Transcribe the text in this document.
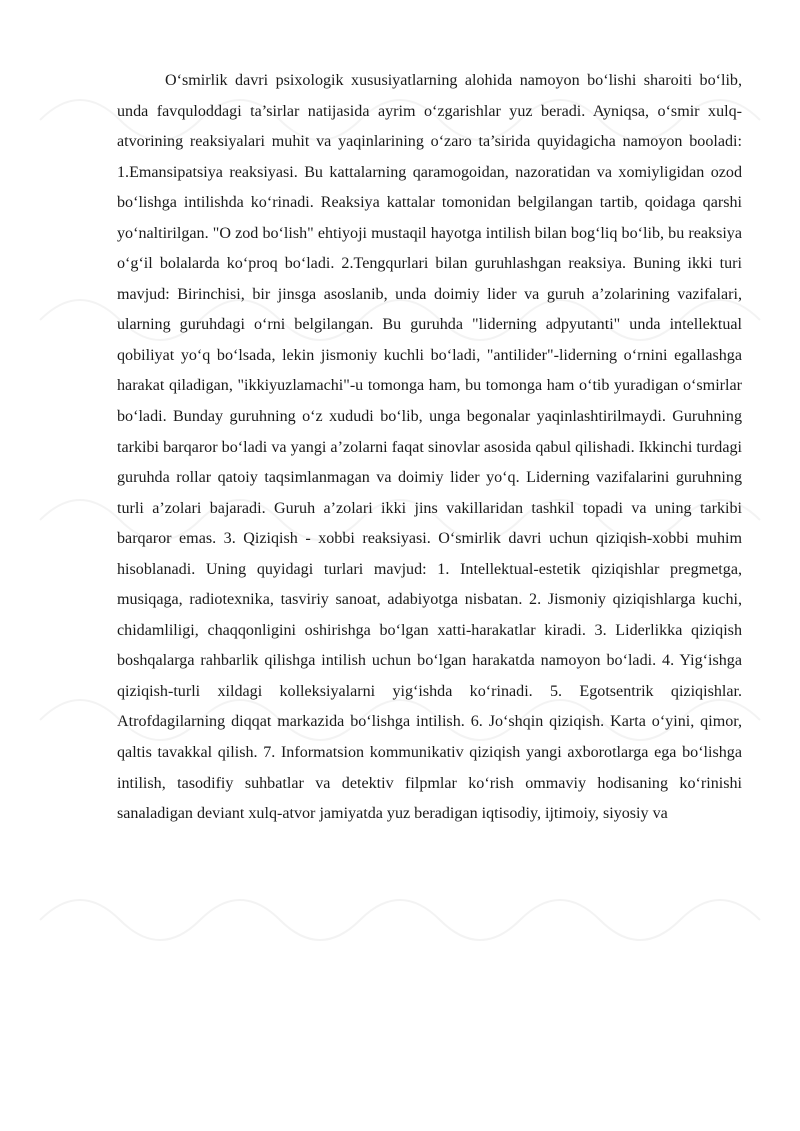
O‘smirlik davri psixologik xususiyatlarning alohida namoyon bo‘lishi sharoiti bo‘lib, unda favquloddagi ta’sirlar natijasida ayrim o‘zgarishlar yuz beradi. Ayniqsa, o‘smir xulq-atvorining reaksiyalari muhit va yaqinlarining o‘zaro ta’sirida quyidagicha namoyon booladi: 1.Emansipatsiya reaksiyasi. Bu kattalarning qaramogoidan, nazoratidan va xomiyligidan ozod bo‘lishga intilishda ko‘rinadi. Reaksiya kattalar tomonidan belgilangan tartib, qoidaga qarshi yo‘naltirilgan. "O zod bo‘lish" ehtiyoji mustaqil hayotga intilish bilan bog‘liq bo‘lib, bu reaksiya o‘g‘il bolalarda ko‘proq bo‘ladi. 2.Tengqurlari bilan guruhlashgan reaksiya. Buning ikki turi mavjud: Birinchisi, bir jinsga asoslanib, unda doimiy lider va guruh a’zolarining vazifalari, ularning guruhdagi o‘rni belgilangan. Bu guruhda "liderning adpyutanti" unda intellektual qobiliyat yo‘q bo‘lsada, lekin jismoniy kuchli bo‘ladi, "antilider"-liderning o‘rnini egallashga harakat qiladigan, "ikkiyuzlamachi"-u tomonga ham, bu tomonga ham o‘tib yuradigan o‘smirlar bo‘ladi. Bunday guruhning o‘z xududi bo‘lib, unga begonalar yaqinlashtirilmaydi. Guruhning tarkibi barqaror bo‘ladi va yangi a’zolarni faqat sinovlar asosida qabul qilishadi. Ikkinchi turdagi guruhda rollar qatoiy taqsimlanmagan va doimiy lider yo‘q. Liderning vazifalarini guruhning turli a’zolari bajaradi. Guruh a’zolari ikki jins vakillaridan tashkil topadi va uning tarkibi barqaror emas. 3. Qiziqish - xobbi reaksiyasi. O‘smirlik davri uchun qiziqish-xobbi muhim hisoblanadi. Uning quyidagi turlari mavjud: 1. Intellektual-estetik qiziqishlar pregmetga, musiqaga, radiotexnika, tasviriy sanoat, adabiyotga nisbatan. 2. Jismoniy qiziqishlarga kuchi, chidamliligi, chaqqonligini oshirishga bo‘lgan xatti-harakatlar kiradi. 3. Liderlikka qiziqish boshqalarga rahbarlik qilishga intilish uchun bo‘lgan harakatda namoyon bo‘ladi. 4. Yig‘ishga qiziqish-turli xildagi kolleksiyalarni yig‘ishda ko‘rinadi. 5. Egotsentrik qiziqishlar. Atrofdagilarning diqqat markazida bo‘lishga intilish. 6. Jo‘shqin qiziqish. Karta o‘yini, qimor, qaltis tavakkal qilish. 7. Informatsion kommunikativ qiziqish yangi axborotlarga ega bo‘lishga intilish, tasodifiy suhbatlar va detektiv filpmlar ko‘rish ommaviy hodisaning ko‘rinishi sanaladigan deviant xulq-atvor jamiyatda yuz beradigan iqtisodiy, ijtimoiy, siyosiy va
